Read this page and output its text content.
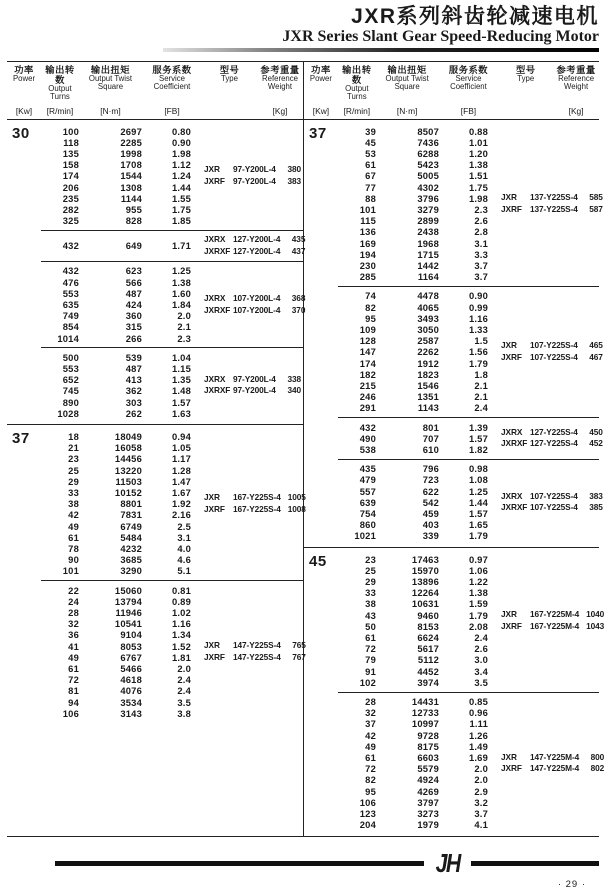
JXR系列斜齿轮减速电机
JXR Series Slant Gear Speed-Reducing Motor
功率
Power
输出转数
Output Turns
输出扭矩
Output Twist Square
服务系数
Service Coefficient
型号
Type
参考重量
Reference Weight
[Kw]	[R/min]	[N·m]	[FB]	[Kg]
30	100	2697	0.80
118	2285	0.90
135	1998	1.98
158	1708	1.12
174	1544	1.24
206	1308	1.44
235	1144	1.55
282	955	1.75
325	828	1.85
JXR	97-Y200L-4	380
JXRF 97-Y200L-4	383
432	649	1.71
JXRX 127-Y200L-4	435
JXRXF 127-Y200L-4	437
432	623	1.25
476	566	1.38
553	487	1.60
635	424	1.84
749	360	2.0
854	315	2.1
1014	266	2.3
JXRX 107-Y200L-4	368
JXRXF 107-Y200L-4	370
500	539	1.04
553	487	1.15
652	413	1.35
745	362	1.48
890	303	1.57
1028	262	1.63
JXRX 97-Y200L-4	338
JXRXF 97-Y200L-4	340
37	18	18049	0.94
21	16058	1.05
23	14456	1.17
25	13220	1.28
29	11503	1.47
33	10152	1.67
38	8801	1.92
42	7831	2.16
49	6749	2.5
61	5484	3.1
78	4232	4.0
90	3685	4.6
101	3290	5.1
JXR	167-Y225S-4 1005
JXRF 167-Y225S-4 1008
22	15060	0.81
24	13794	0.89
28	11946	1.02
32	10541	1.16
36	9104	1.34
41	8053	1.52
49	6767	1.81
61	5466	2.0
72	4618	2.4
81	4076	2.4
94	3534	3.5
106	3143	3.8
JXR	147-Y225S-4	765
JXRF 147-Y225S-4	767
功率
Power
输出转数
Output Turns
输出扭矩
Output Twist Square
服务系数
Service Coefficient
型号
Type
参考重量
Reference Weight
[Kw]	[R/min]	[N·m]	[FB]	[Kg]
37	39	8507	0.88
45	7436	1.01
53	6288	1.20
61	5423	1.38
67	5005	1.51
77	4302	1.75
88	3796	1.98
101	3279	2.3
115	2899	2.6
136	2438	2.8
169	1968	3.1
194	1715	3.3
230	1442	3.7
285	1164	3.7
JXR	137-Y225S-4	585
JXRF 137-Y225S-4	587
74	4478	0.90
82	4065	0.99
95	3493	1.16
109	3050	1.33
128	2587	1.5
147	2262	1.56
174	1912	1.79
182	1823	1.8
215	1546	2.1
246	1351	2.1
291	1143	2.4
JXR	107-Y225S-4	465
JXRF 107-Y225S-4	467
432	801	1.39
490	707	1.57
538	610	1.82
JXRX 127-Y225S-4	450
JXRXF 127-Y225S-4	452
435	796	0.98
479	723	1.08
557	622	1.25
639	542	1.44
754	459	1.57
860	403	1.65
1021	339	1.79
JXRX 107-Y225S-4	383
JXRXF 107-Y225S-4	385
45	23	17463	0.97
25	15970	1.06
29	13896	1.22
33	12264	1.38
38	10631	1.59
43	9460	1.79
50	8153	2.08
61	6624	2.4
72	5617	2.6
79	5112	3.0
91	4452	3.4
102	3974	3.5
JXR	167-Y225M-4 1040
JXRF 167-Y225M-4 1043
28	14431	0.85
32	12733	0.96
37	10997	1.11
42	9728	1.26
49	8175	1.49
61	6603	1.69
72	5579	2.0
82	4924	2.0
95	4269	2.9
106	3797	3.2
123	3273	3.7
204	1979	4.1
JXR	147-Y225M-4	800
JXRF 147-Y225M-4	802
JH
· 29 ·
